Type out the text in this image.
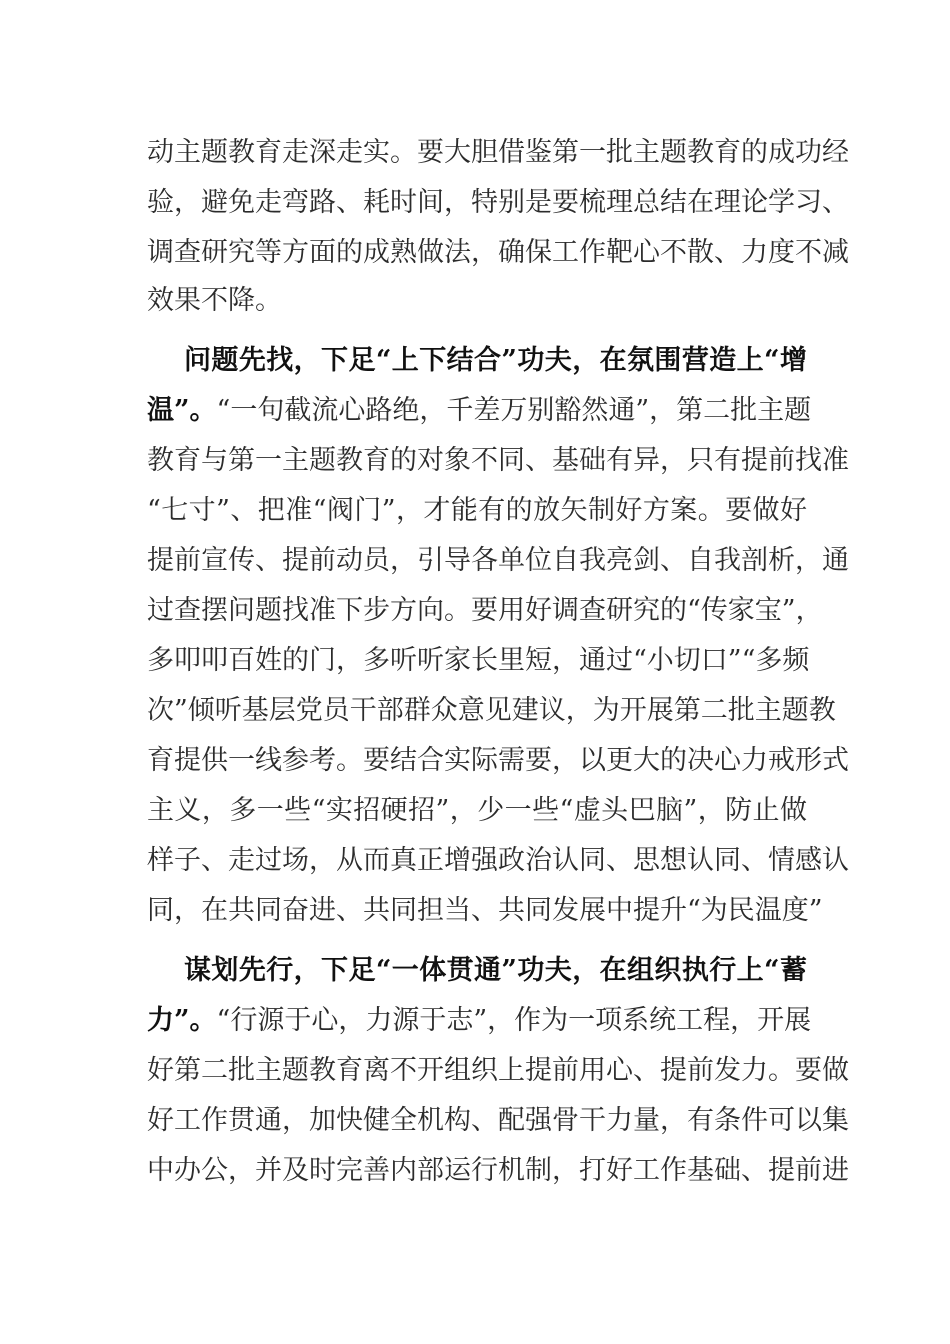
动主题教育走深走实。要大胆借鉴第一批主题教育的成功经
验，避免走弯路、耗时间，特别是要梳理总结在理论学习、
调查研究等方面的成熟做法，确保工作靶心不散、力度不减
效果不降。
问题先找，下足“上下结合”功夫，在氛围营造上“增
温”。“一句截流心路绝，千差万别豁然通”，第二批主题
教育与第一主题教育的对象不同、基础有异，只有提前找准
“七寸”、把准“阀门”，才能有的放矢制好方案。要做好
提前宣传、提前动员，引导各单位自我亮剑、自我剖析，通
过查摆问题找准下步方向。要用好调查研究的“传家宝”，
多叩叩百姓的门，多听听家长里短，通过“小切口”“多频
次”倾听基层党员干部群众意见建议，为开展第二批主题教
育提供一线参考。要结合实际需要，以更大的决心力戒形式
主义，多一些“实招硬招”，少一些“虚头巴脑”，防止做
样子、走过场，从而真正增强政治认同、思想认同、情感认
同，在共同奋进、共同担当、共同发展中提升“为民温度”
谋划先行，下足“一体贯通”功夫，在组织执行上“蓄
力”。“行源于心，力源于志”，作为一项系统工程，开展
好第二批主题教育离不开组织上提前用心、提前发力。要做
好工作贯通，加快健全机构、配强骨干力量，有条件可以集
中办公，并及时完善内部运行机制，打好工作基础、提前进
